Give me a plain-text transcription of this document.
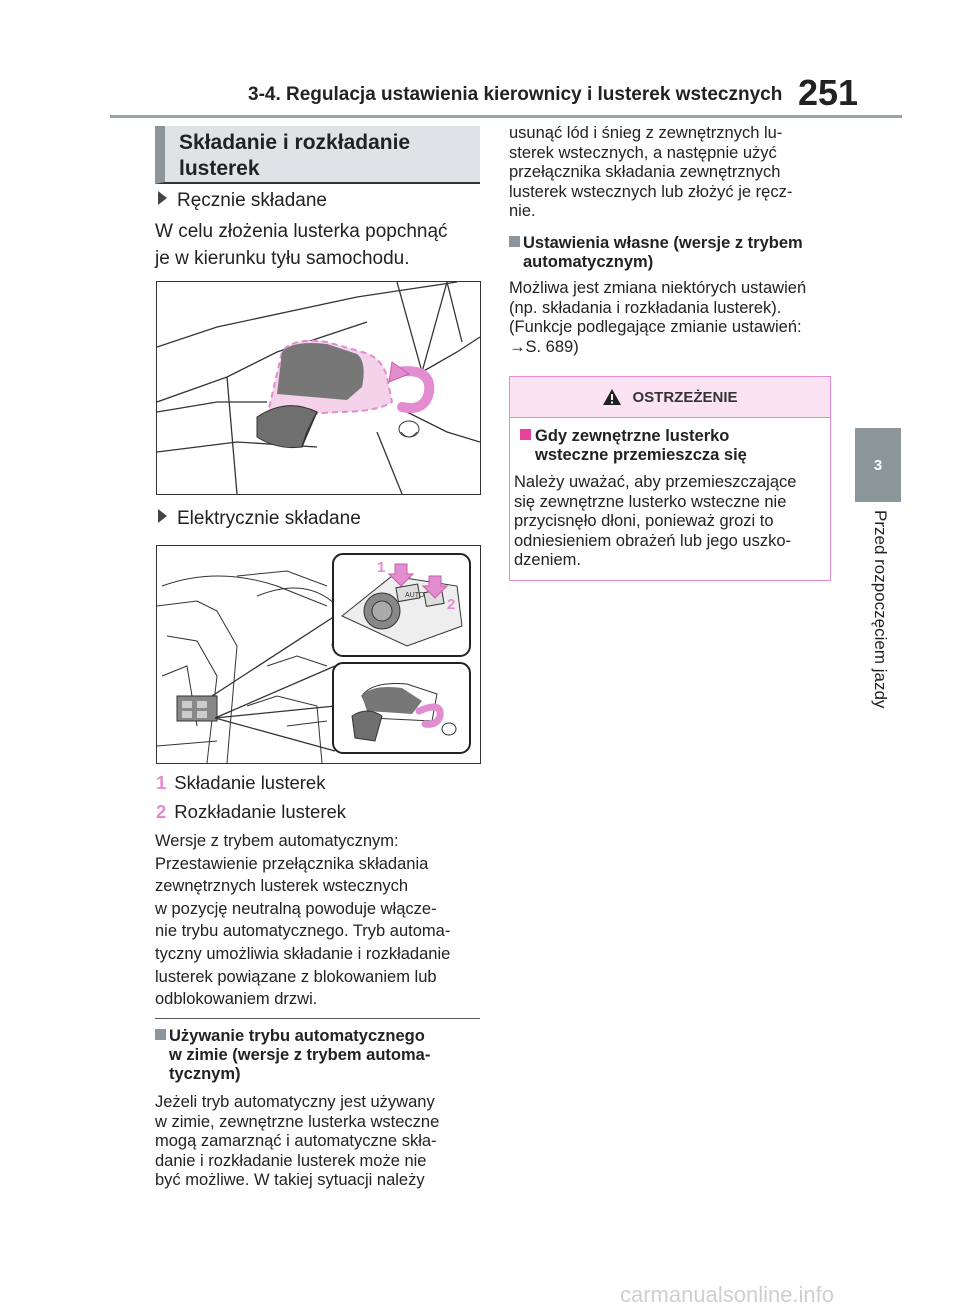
3-4. Regulacja ustawienia kierownicy i lusterek wstecznych 251
3
Przed rozpoczęciem jazdy
Składanie i rozkładanie
lusterek
Ręcznie składane
W celu złożenia lusterka popchnąć
je w kierunku tyłu samochodu.
Elektrycznie składane
AUTO
1
2
1 Składanie lusterek
2 Rozkładanie lusterek
Wersje z trybem automatycznym:
Przestawienie przełącznika składania
zewnętrznych lusterek wstecznych
w pozycję neutralną powoduje włącze-
nie trybu automatycznego. Tryb automa-
tyczny umożliwia składanie i rozkładanie
lusterek powiązane z blokowaniem lub
odblokowaniem drzwi.
Używanie trybu automatycznego
w zimie (wersje z trybem automa-
tycznym)
Jeżeli tryb automatyczny jest używany
w zimie, zewnętrzne lusterka wsteczne
mogą zamarznąć i automatyczne skła-
danie i rozkładanie lusterek może nie
być możliwe. W takiej sytuacji należy
usunąć lód i śnieg z zewnętrznych lu-
sterek wstecznych, a następnie użyć
przełącznika składania zewnętrznych
lusterek wstecznych lub złożyć je ręcz-
nie.
Ustawienia własne (wersje z trybem
automatycznym)
Możliwa jest zmiana niektórych ustawień
(np. składania i rozkładania lusterek).
(Funkcje podlegające zmianie ustawień:
→S. 689)
OSTRZEŻENIE
Gdy zewnętrzne lusterko
wsteczne przemieszcza się
Należy uważać, aby przemieszczające
się zewnętrzne lusterko wsteczne nie
przycisnęło dłoni, ponieważ grozi to
odniesieniem obrażeń lub jego uszko-
dzeniem.
carmanualsonline.info
